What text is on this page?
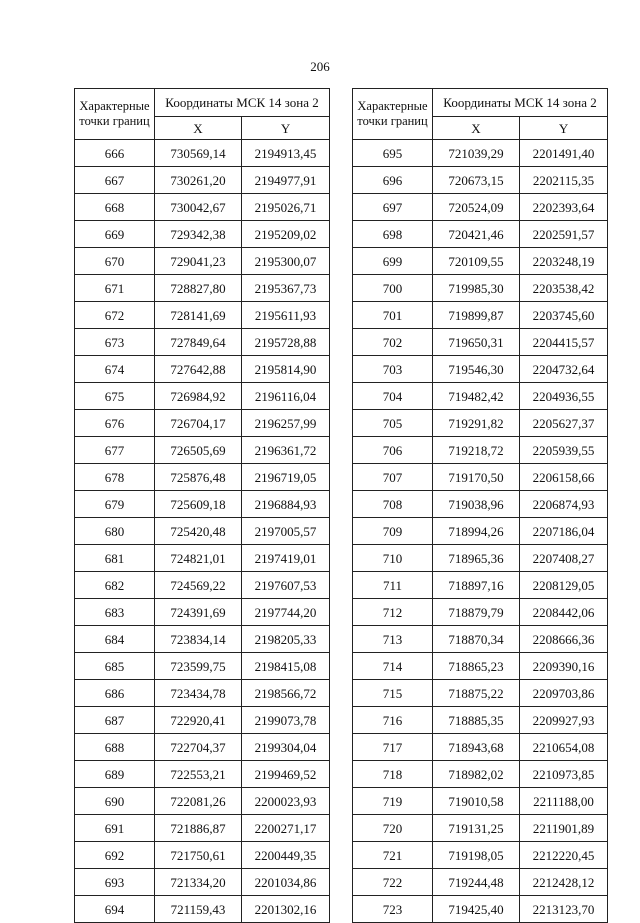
206
Характерные
точки границ	Координаты МСК 14 зона 2	
	X	Y
666	730569,14	2194913,45
667	730261,20	2194977,91
668	730042,67	2195026,71
669	729342,38	2195209,02
670	729041,23	2195300,07
671	728827,80	2195367,73
672	728141,69	2195611,93
673	727849,64	2195728,88
674	727642,88	2195814,90
675	726984,92	2196116,04
676	726704,17	2196257,99
677	726505,69	2196361,72
678	725876,48	2196719,05
679	725609,18	2196884,93
680	725420,48	2197005,57
681	724821,01	2197419,01
682	724569,22	2197607,53
683	724391,69	2197744,20
684	723834,14	2198205,33
685	723599,75	2198415,08
686	723434,78	2198566,72
687	722920,41	2199073,78
688	722704,37	2199304,04
689	722553,21	2199469,52
690	722081,26	2200023,93
691	721886,87	2200271,17
692	721750,61	2200449,35
693	721334,20	2201034,86
694	721159,43	2201302,16
Характерные
точки границ	Координаты МСК 14 зона 2	
	X	Y
695	721039,29	2201491,40
696	720673,15	2202115,35
697	720524,09	2202393,64
698	720421,46	2202591,57
699	720109,55	2203248,19
700	719985,30	2203538,42
701	719899,87	2203745,60
702	719650,31	2204415,57
703	719546,30	2204732,64
704	719482,42	2204936,55
705	719291,82	2205627,37
706	719218,72	2205939,55
707	719170,50	2206158,66
708	719038,96	2206874,93
709	718994,26	2207186,04
710	718965,36	2207408,27
711	718897,16	2208129,05
712	718879,79	2208442,06
713	718870,34	2208666,36
714	718865,23	2209390,16
715	718875,22	2209703,86
716	718885,35	2209927,93
717	718943,68	2210654,08
718	718982,02	2210973,85
719	719010,58	2211188,00
720	719131,25	2211901,89
721	719198,05	2212220,45
722	719244,48	2212428,12
723	719425,40	2213123,70
